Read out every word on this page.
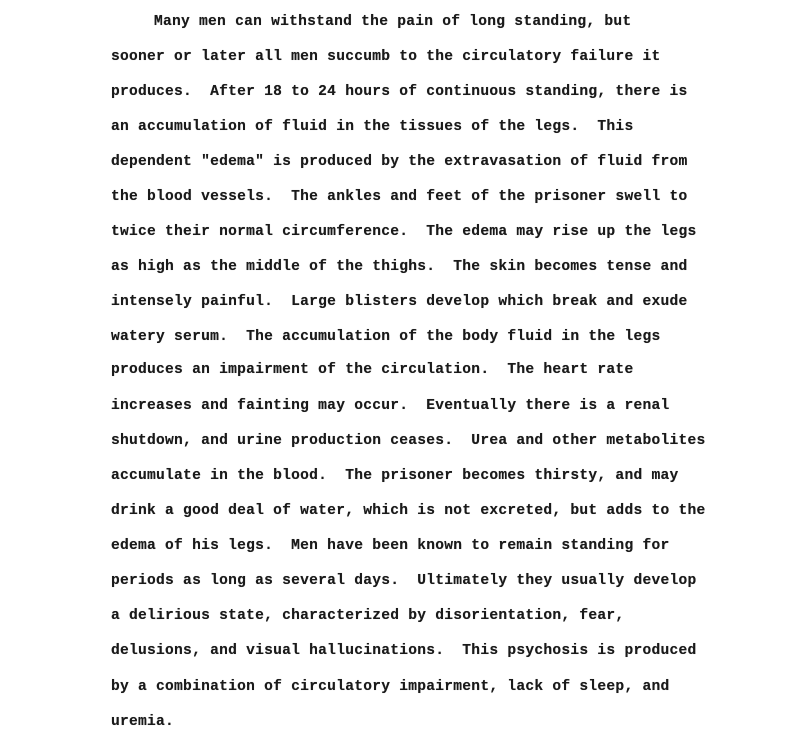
Many men can withstand the pain of long standing, but
sooner or later all men succumb to the circulatory failure it
produces.  After 18 to 24 hours of continuous standing, there is
an accumulation of fluid in the tissues of the legs.  This
dependent "edema" is produced by the extravasation of fluid from
the blood vessels.  The ankles and feet of the prisoner swell to
twice their normal circumference.  The edema may rise up the legs
as high as the middle of the thighs.  The skin becomes tense and
intensely painful.  Large blisters develop which break and exude
watery serum.  The accumulation of the body fluid in the legs
produces an impairment of the circulation.  The heart rate
increases and fainting may occur.  Eventually there is a renal
shutdown, and urine production ceases.  Urea and other metabolites
accumulate in the blood.  The prisoner becomes thirsty, and may
drink a good deal of water, which is not excreted, but adds to the
edema of his legs.  Men have been known to remain standing for
periods as long as several days.  Ultimately they usually develop
a delirious state, characterized by disorientation, fear,
delusions, and visual hallucinations.  This psychosis is produced
by a combination of circulatory impairment, lack of sleep, and
uremia.
